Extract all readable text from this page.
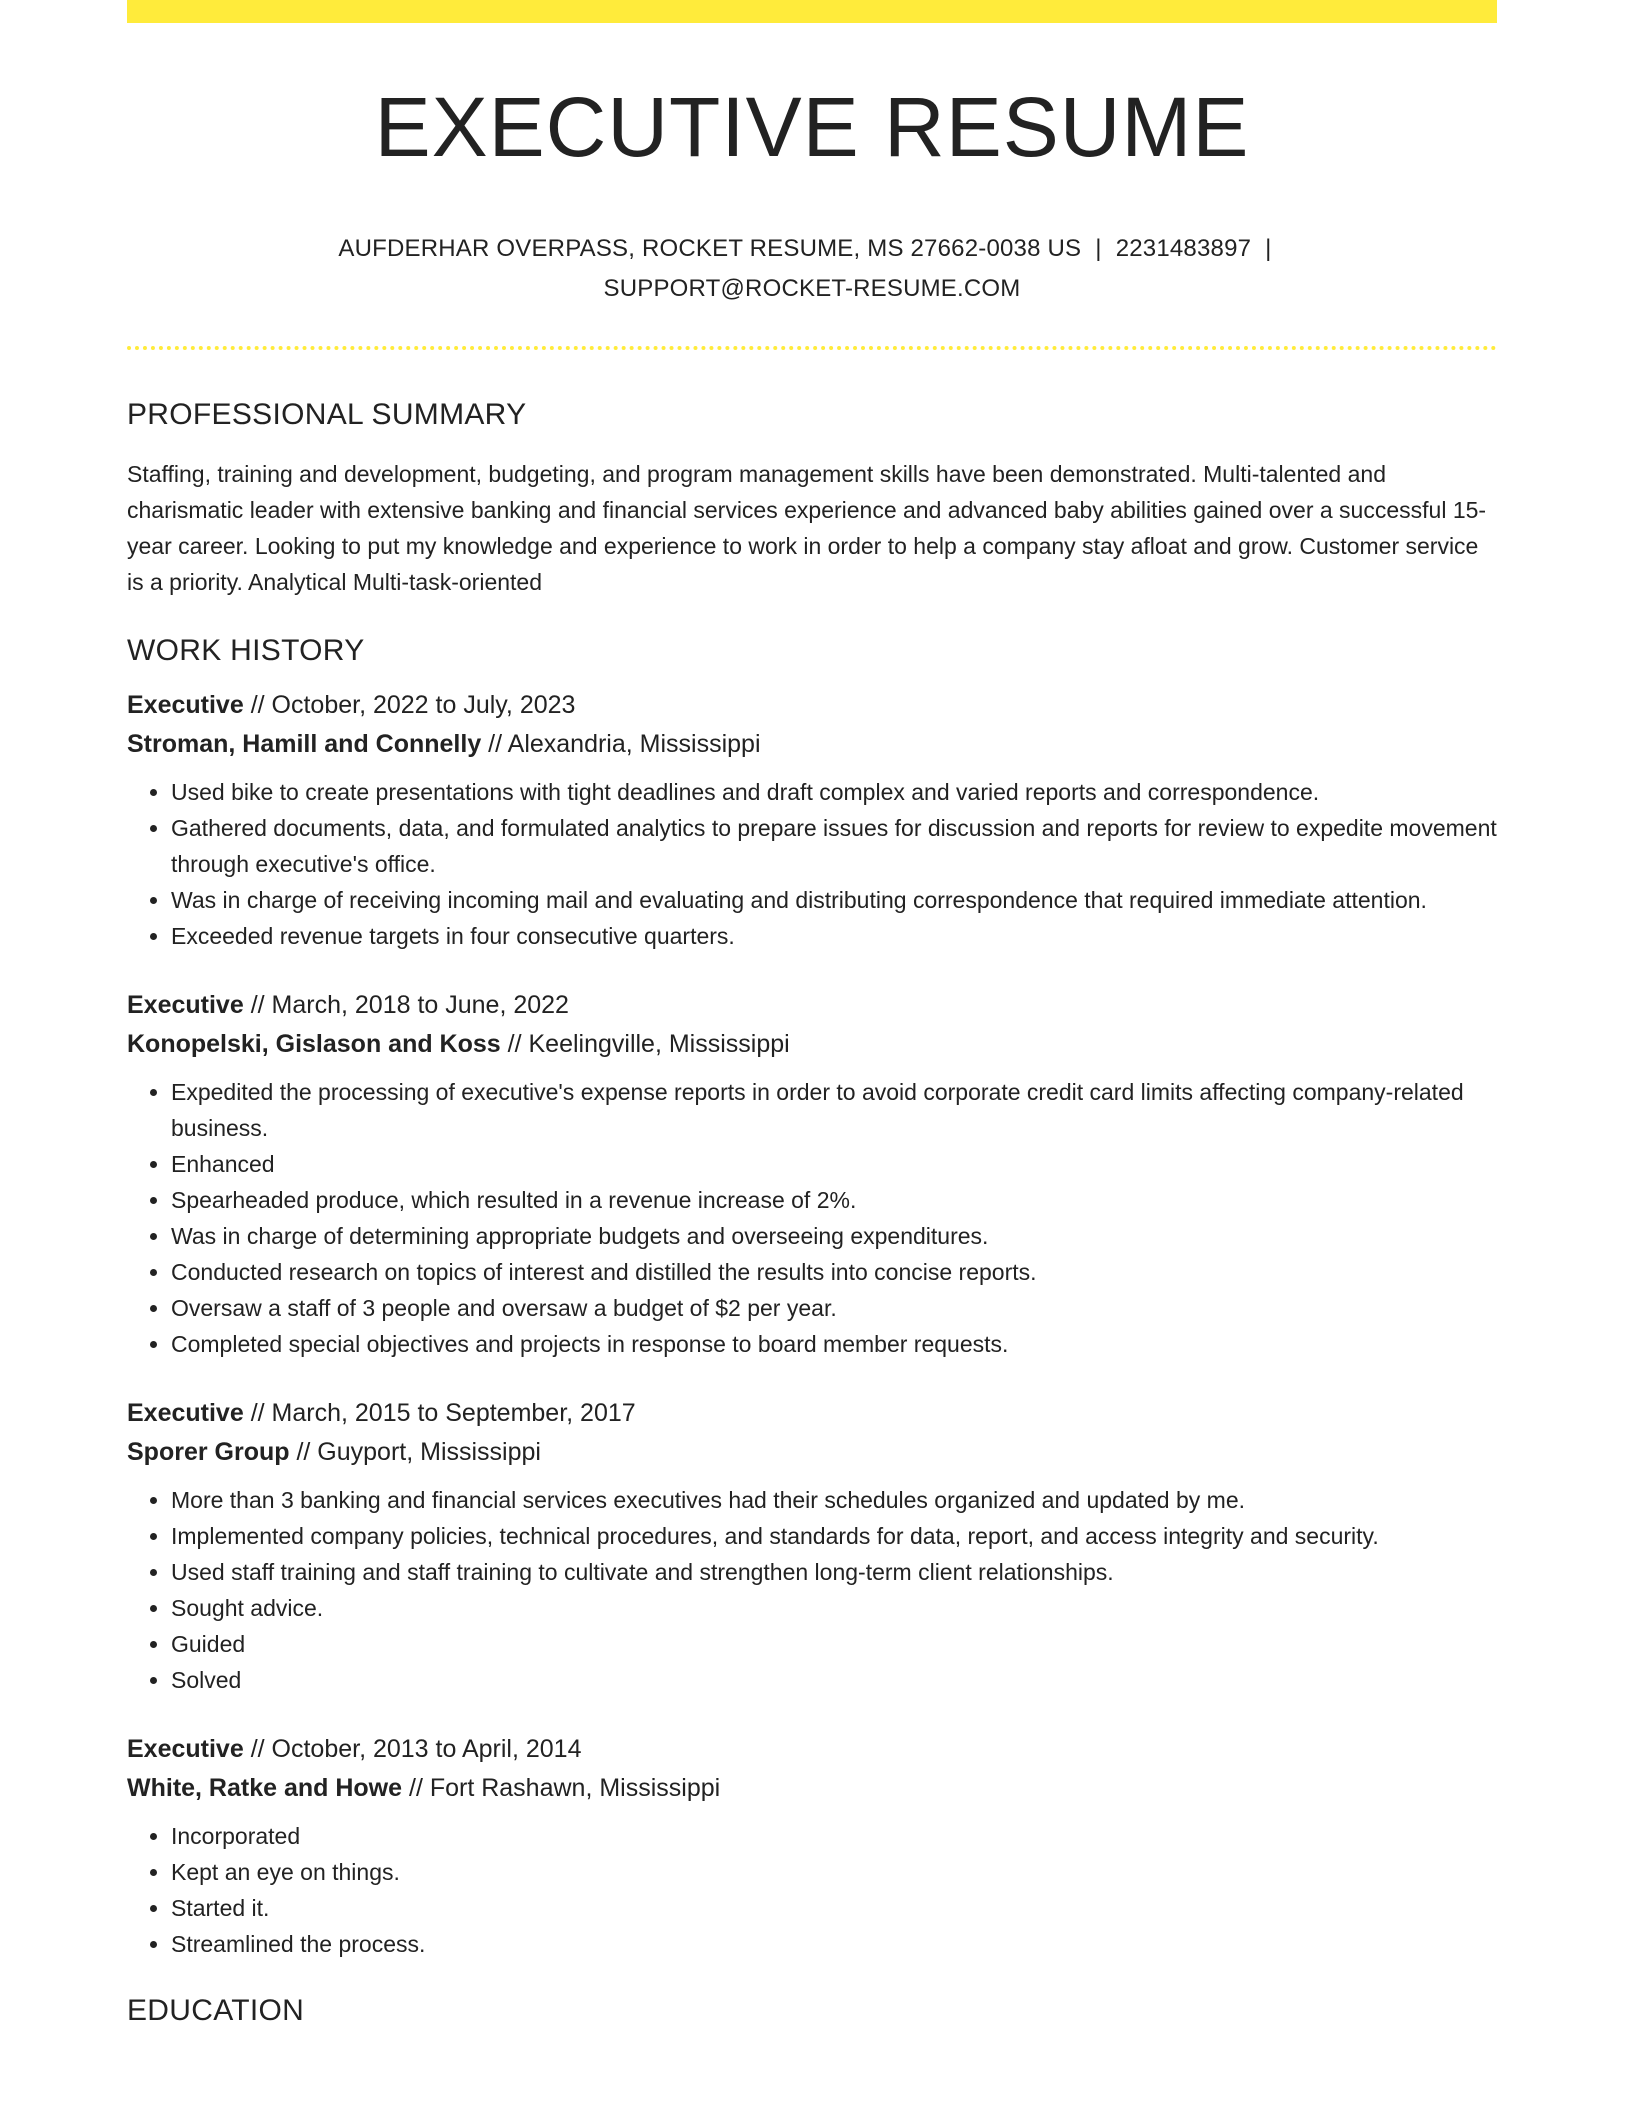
EXECUTIVE RESUME
AUFDERHAR OVERPASS, ROCKET RESUME, MS 27662-0038 US | 2231483897 |
SUPPORT@ROCKET-RESUME.COM
PROFESSIONAL SUMMARY

Staffing, training and development, budgeting, and program management skills have been demonstrated. Multi-talented and charismatic leader with extensive banking and financial services experience and advanced baby abilities gained over a successful 15-year career. Looking to put my knowledge and experience to work in order to help a company stay afloat and grow. Customer service is a priority. Analytical Multi-task-oriented

WORK HISTORY
Executive // October, 2022 to July, 2023
Stroman, Hamill and Connelly // Alexandria, Mississippi
• Used bike to create presentations with tight deadlines and draft complex and varied reports and correspondence.
• Gathered documents, data, and formulated analytics to prepare issues for discussion and reports for review to expedite movement through executive's office.
• Was in charge of receiving incoming mail and evaluating and distributing correspondence that required immediate attention.
• Exceeded revenue targets in four consecutive quarters.
Executive // March, 2018 to June, 2022
Konopelski, Gislason and Koss // Keelingville, Mississippi
• Expedited the processing of executive's expense reports in order to avoid corporate credit card limits affecting company-related business.
• Enhanced
• Spearheaded produce, which resulted in a revenue increase of 2%.
• Was in charge of determining appropriate budgets and overseeing expenditures.
• Conducted research on topics of interest and distilled the results into concise reports.
• Oversaw a staff of 3 people and oversaw a budget of $2 per year.
• Completed special objectives and projects in response to board member requests.
Executive // March, 2015 to September, 2017
Sporer Group // Guyport, Mississippi
• More than 3 banking and financial services executives had their schedules organized and updated by me.
• Implemented company policies, technical procedures, and standards for data, report, and access integrity and security.
• Used staff training and staff training to cultivate and strengthen long-term client relationships.
• Sought advice.
• Guided
• Solved
Executive // October, 2013 to April, 2014
White, Ratke and Howe // Fort Rashawn, Mississippi
• Incorporated
• Kept an eye on things.
• Started it.
• Streamlined the process.
EDUCATION
